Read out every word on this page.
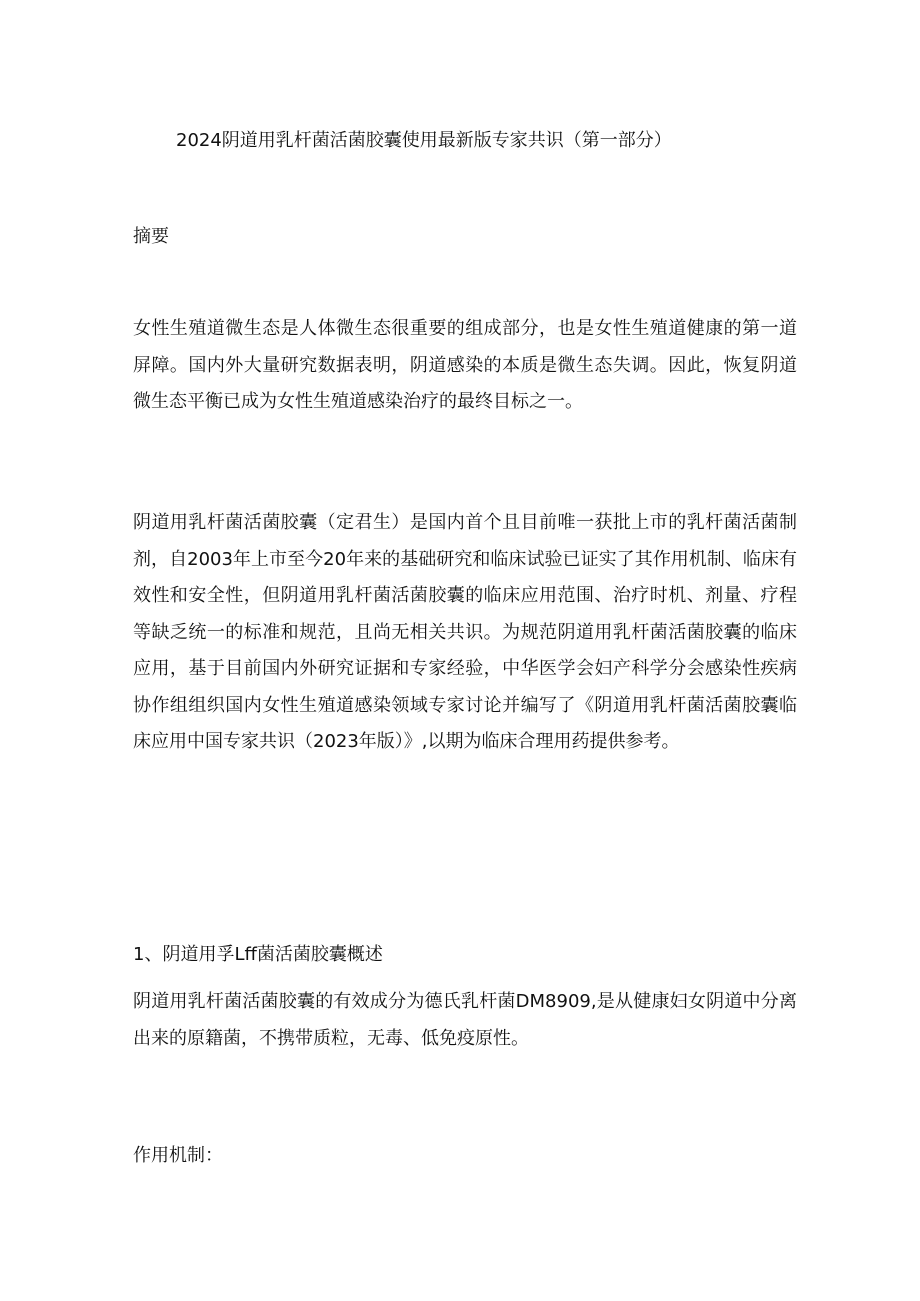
2024阴道用乳杆菌活菌胶囊使用最新版专家共识（第一部分）
摘要

女性生殖道微生态是人体微生态很重要的组成部分，也是女性生殖道健康的第一道屏障。国内外大量研究数据表明，阴道感染的本质是微生态失调。因此，恢复阴道微生态平衡已成为女性生殖道感染治疗的最终目标之一。

阴道用乳杆菌活菌胶囊（定君生）是国内首个且目前唯一获批上市的乳杆菌活菌制剂，自2003年上市至今20年来的基础研究和临床试验已证实了其作用机制、临床有效性和安全性，但阴道用乳杆菌活菌胶囊的临床应用范围、治疗时机、剂量、疗程等缺乏统一的标准和规范，且尚无相关共识。为规范阴道用乳杆菌活菌胶囊的临床应用，基于目前国内外研究证据和专家经验，中华医学会妇产科学分会感染性疾病协作组组织国内女性生殖道感染领域专家讨论并编写了《阴道用乳杆菌活菌胶囊临床应用中国专家共识（2023年版）》,以期为临床合理用药提供参考。

1、阴道用孚Lff菌活菌胶囊概述

阴道用乳杆菌活菌胶囊的有效成分为德氏乳杆菌DM8909,是从健康妇女阴道中分离出来的原籍菌，不携带质粒，无毒、低免疫原性。

作用机制：
